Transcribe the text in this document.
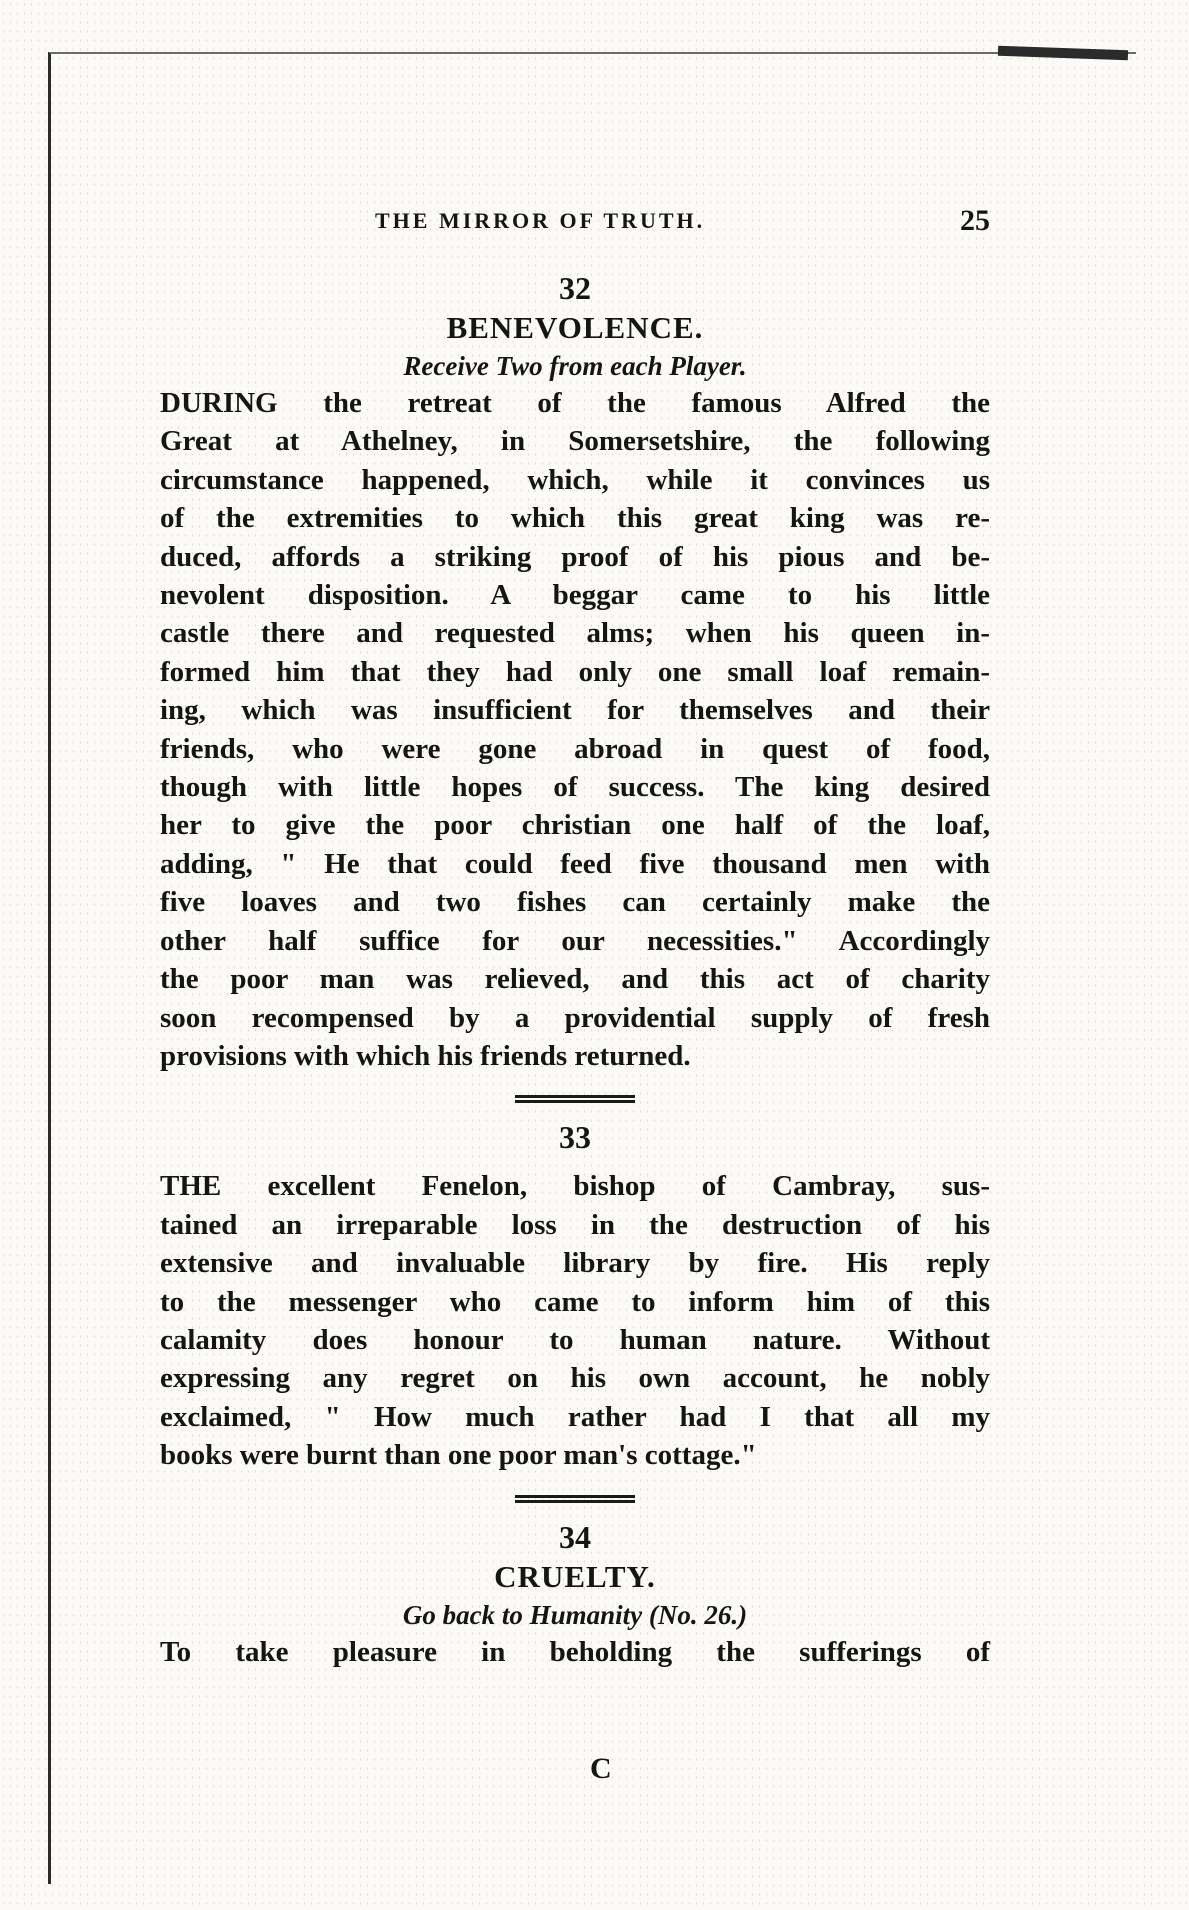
THE MIRROR OF TRUTH.	25
32
BENEVOLENCE.
Receive Two from each Player.
DURING the retreat of the famous Alfred the
Great at Athelney, in Somersetshire, the following
circumstance happened, which, while it convinces us
of the extremities to which this great king was re-
duced, affords a striking proof of his pious and be-
nevolent disposition. A beggar came to his little
castle there and requested alms; when his queen in-
formed him that they had only one small loaf remain-
ing, which was insufficient for themselves and their
friends, who were gone abroad in quest of food,
though with little hopes of success. The king desired
her to give the poor christian one half of the loaf,
adding, " He that could feed five thousand men with
five loaves and two fishes can certainly make the
other half suffice for our necessities." Accordingly
the poor man was relieved, and this act of charity
soon recompensed by a providential supply of fresh
provisions with which his friends returned.
33
THE excellent Fenelon, bishop of Cambray, sus-
tained an irreparable loss in the destruction of his
extensive and invaluable library by fire. His reply
to the messenger who came to inform him of this
calamity does honour to human nature. Without
expressing any regret on his own account, he nobly
exclaimed, " How much rather had I that all my
books were burnt than one poor man's cottage."
34
CRUELTY.
Go back to Humanity (No. 26.)
To take pleasure in beholding the sufferings of
C
